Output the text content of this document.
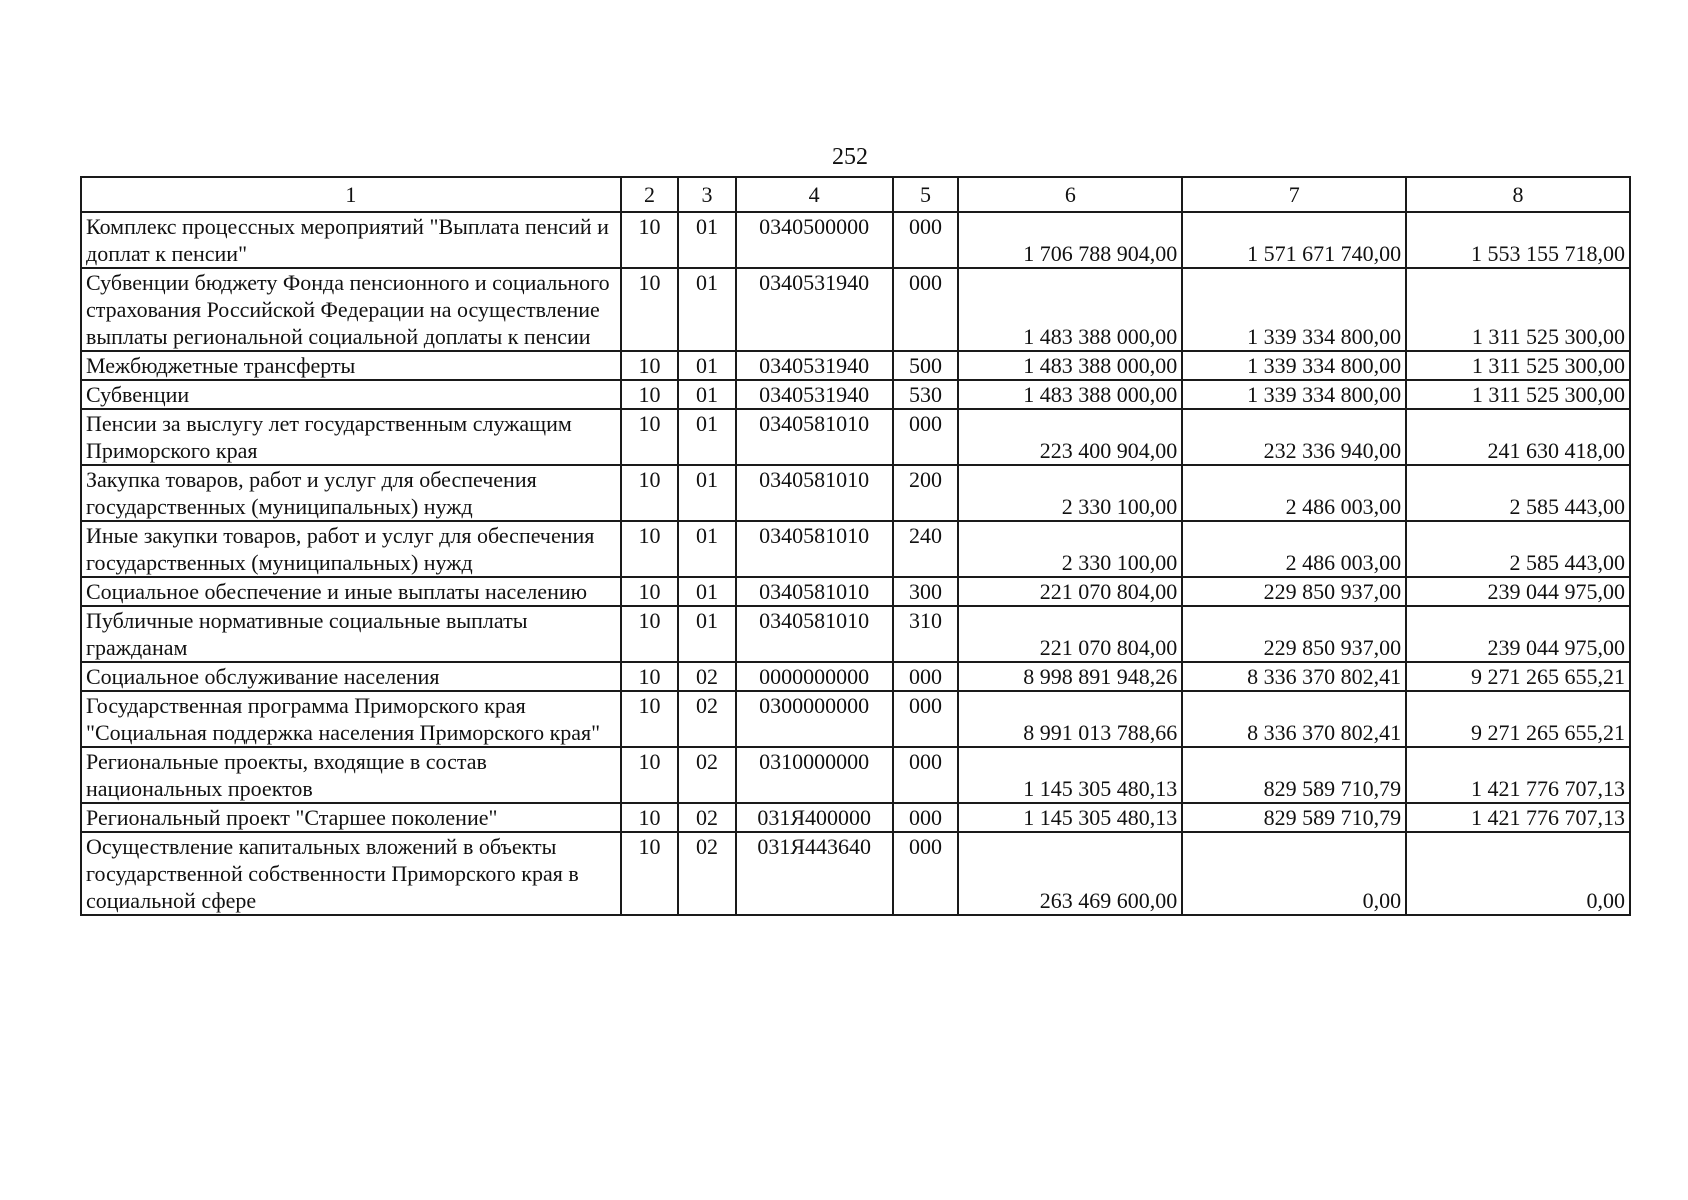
252
1	2	3	4	5	6	7	8
Комплекс процессных мероприятий "Выплата пенсий и доплат к пенсии"	10	01	0340500000	000	1 706 788 904,00	1 571 671 740,00	1 553 155 718,00
Субвенции бюджету Фонда пенсионного и социального страхования Российской Федерации на осуществление выплаты региональной социальной доплаты к пенсии	10	01	0340531940	000	1 483 388 000,00	1 339 334 800,00	1 311 525 300,00
Межбюджетные трансферты	10	01	0340531940	500	1 483 388 000,00	1 339 334 800,00	1 311 525 300,00
Субвенции	10	01	0340531940	530	1 483 388 000,00	1 339 334 800,00	1 311 525 300,00
Пенсии за выслугу лет государственным служащим Приморского края	10	01	0340581010	000	223 400 904,00	232 336 940,00	241 630 418,00
Закупка товаров, работ и услуг для обеспечения государственных (муниципальных) нужд	10	01	0340581010	200	2 330 100,00	2 486 003,00	2 585 443,00
Иные закупки товаров, работ и услуг для обеспечения государственных (муниципальных) нужд	10	01	0340581010	240	2 330 100,00	2 486 003,00	2 585 443,00
Социальное обеспечение и иные выплаты населению	10	01	0340581010	300	221 070 804,00	229 850 937,00	239 044 975,00
Публичные нормативные социальные выплаты гражданам	10	01	0340581010	310	221 070 804,00	229 850 937,00	239 044 975,00
Социальное обслуживание населения	10	02	0000000000	000	8 998 891 948,26	8 336 370 802,41	9 271 265 655,21
Государственная программа Приморского края "Социальная поддержка населения Приморского края"	10	02	0300000000	000	8 991 013 788,66	8 336 370 802,41	9 271 265 655,21
Региональные проекты, входящие в состав национальных проектов	10	02	0310000000	000	1 145 305 480,13	829 589 710,79	1 421 776 707,13
Региональный проект "Старшее поколение"	10	02	031Я400000	000	1 145 305 480,13	829 589 710,79	1 421 776 707,13
Осуществление капитальных вложений в объекты государственной собственности Приморского края в социальной сфере	10	02	031Я443640	000	263 469 600,00	0,00	0,00
